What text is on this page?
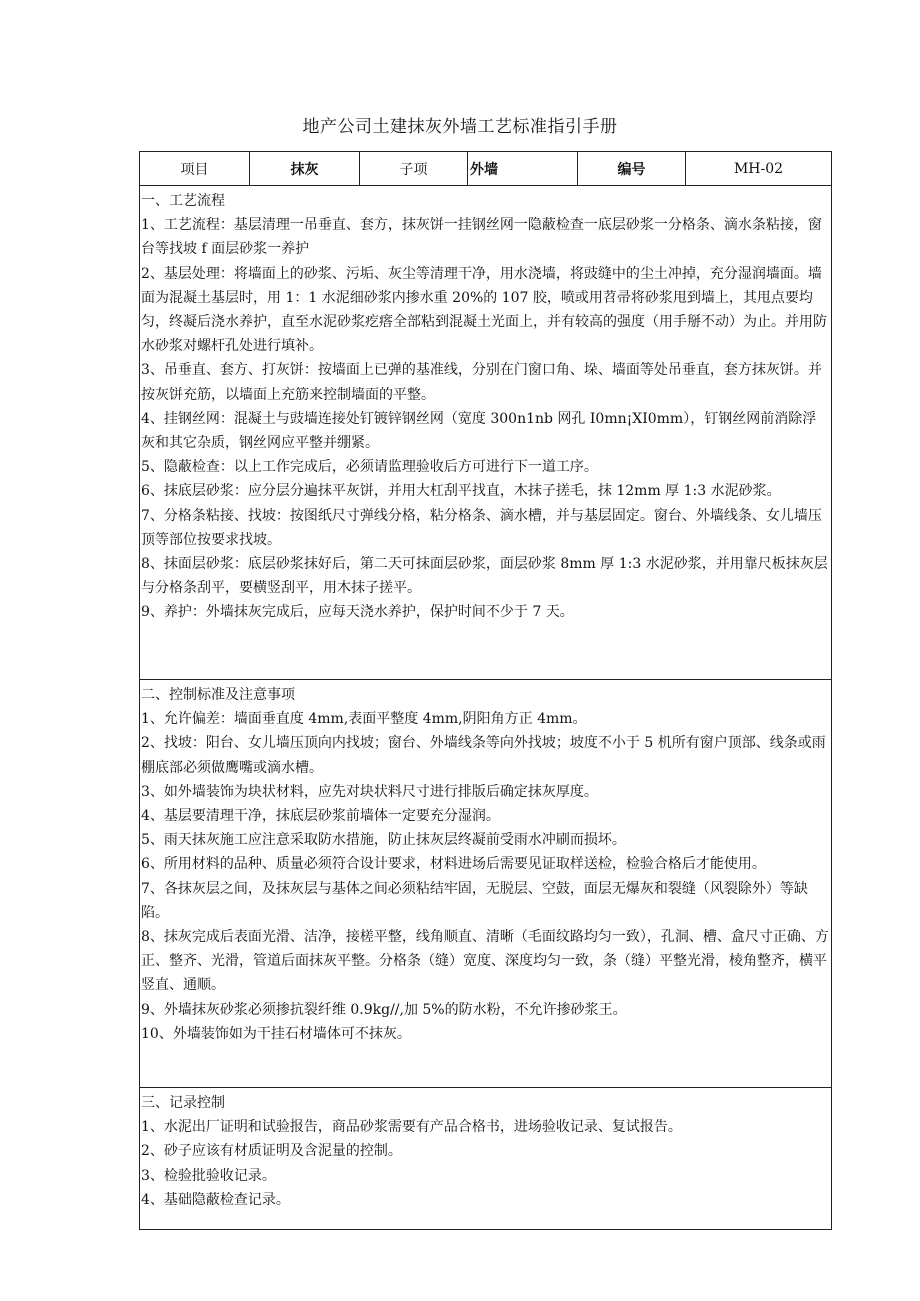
地产公司土建抹灰外墙工艺标准指引手册
项目	抹灰	子项	外墙	编号	MH-02

一、工艺流程

1、工艺流程：基层清理一吊垂直、套方，抹灰饼一挂钢丝网一隐蔽检查一底层砂浆一分格条、滴水条粘接，窗台等找坡 f 面层砂浆一养护

2、基层处理：将墙面上的砂浆、污垢、灰尘等清理干净，用水浇墙，将豉缝中的尘土冲掉，充分湿润墙面。墙面为混凝土基层时，用 1：1 水泥细砂浆内掺水重 20%的 107 胶，喷或用苕帚将砂浆甩到墙上，其甩点要均匀，终凝后浇水养护，直至水泥砂浆疙瘩全部粘到混凝土光面上，并有较高的强度（用手掰不动）为止。并用防水砂浆对螺杆孔处进行填补。

3、吊垂直、套方、打灰饼：按墙面上已弹的基准线，分别在门窗口角、垛、墙面等处吊垂直，套方抹灰饼。并按灰饼充筋，以墙面上充筋来控制墙面的平整。

4、挂钢丝网：混凝土与豉墙连接处钉镀锌钢丝网（宽度 300n1nb 网孔 I0mn¡XI0mm），钉钢丝网前消除浮灰和其它杂质，钢丝网应平整并绷紧。

5、隐蔽检查：以上工作完成后，必须请监理验收后方可进行下一道工序。

6、抹底层砂浆：应分层分遍抹平灰饼，并用大杠刮平找直，木抹子搓毛，抹 12mm 厚 1:3 水泥砂浆。

7、分格条粘接、找坡：按图纸尺寸弹线分格，粘分格条、滴水槽，并与基层固定。窗台、外墙线条、女儿墙压顶等部位按要求找坡。

8、抹面层砂浆：底层砂浆抹好后，第二天可抹面层砂浆，面层砂浆 8mm 厚 1:3 水泥砂浆，并用靠尺板抹灰层与分格条刮平，要横竖刮平，用木抹子搓平。

9、养护：外墙抹灰完成后，应每天浇水养护，保护时间不少于 7 天。

二、控制标准及注意事项

1、允许偏差：墙面垂直度 4mm,表面平整度 4mm,阴阳角方正 4mm。

2、找坡：阳台、女儿墙压顶向内找坡；窗台、外墙线条等向外找坡；坡度不小于 5 机所有窗户顶部、线条或雨棚底部必须做鹰嘴或滴水槽。

3、如外墙装饰为块状材料，应先对块状料尺寸进行排版后确定抹灰厚度。

4、基层要清理干净，抹底层砂浆前墙体一定要充分湿润。

5、雨天抹灰施工应注意采取防水措施，防止抹灰层终凝前受雨水冲刷而损坏。

6、所用材料的品种、质量必须符合设计要求，材料进场后需要见证取样送检，检验合格后才能使用。

7、各抹灰层之间，及抹灰层与基体之间必须粘结牢固，无脱层、空鼓，面层无爆灰和裂缝（风裂除外）等缺陷。

8、抹灰完成后表面光滑、洁净，接槎平整，线角顺直、清晰（毛面纹路均匀一致），孔洞、槽、盒尺寸正确、方正、整齐、光滑，管道后面抹灰平整。分格条（缝）宽度、深度均匀一致，条（缝）平整光滑，棱角整齐，横平竖直、通顺。

9、外墙抹灰砂浆必须掺抗裂纤维 0.9kg//,加 5%的防水粉，不允许掺砂浆王。

10、外墙装饰如为干挂石材墙体可不抹灰。

三、记录控制

1、水泥出厂证明和试验报告，商品砂浆需要有产品合格书，进场验收记录、复试报告。

2、砂子应该有材质证明及含泥量的控制。

3、检验批验收记录。

4、基础隐蔽检查记录。
